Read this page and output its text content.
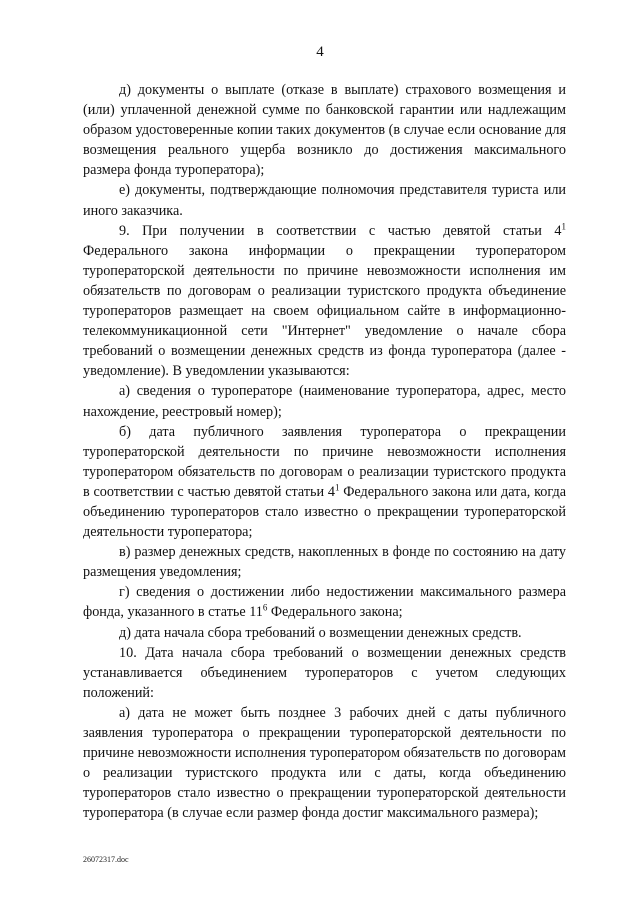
4

д) документы о выплате (отказе в выплате) страхового возмещения и (или) уплаченной денежной сумме по банковской гарантии или надлежащим образом удостоверенные копии таких документов (в случае если основание для возмещения реального ущерба возникло до достижения максимального размера фонда туроператора);

е) документы, подтверждающие полномочия представителя туриста или иного заказчика.

9. При получении в соответствии с частью девятой статьи $4^1$ Федерального закона информации о прекращении туроператором туроператорской деятельности по причине невозможности исполнения им обязательств по договорам о реализации туристского продукта объединение туроператоров размещает на своем официальном сайте в информационно-телекоммуникационной сети "Интернет" уведомление о начале сбора требований о возмещении денежных средств из фонда туроператора (далее - уведомление). В уведомлении указываются:

а) сведения о туроператоре (наименование туроператора, адрес, место нахождение, реестровый номер);

б) дата публичного заявления туроператора о прекращении туроператорской деятельности по причине невозможности исполнения туроператором обязательств по договорам о реализации туристского продукта в соответствии с частью девятой статьи $4^1$ Федерального закона или дата, когда объединению туроператоров стало известно о прекращении туроператорской деятельности туроператора;

в) размер денежных средств, накопленных в фонде по состоянию на дату размещения уведомления;

г) сведения о достижении либо недостижении максимального размера фонда, указанного в статье $11^6$ Федерального закона;

д) дата начала сбора требований о возмещении денежных средств.

10. Дата начала сбора требований о возмещении денежных средств устанавливается объединением туроператоров с учетом следующих положений:

а) дата не может быть позднее 3 рабочих дней с даты публичного заявления туроператора о прекращении туроператорской деятельности по причине невозможности исполнения туроператором обязательств по договорам о реализации туристского продукта или с даты, когда объединению туроператоров стало известно о прекращении туроператорской деятельности туроператора (в случае если размер фонда достиг максимального размера);

26072317.doc
